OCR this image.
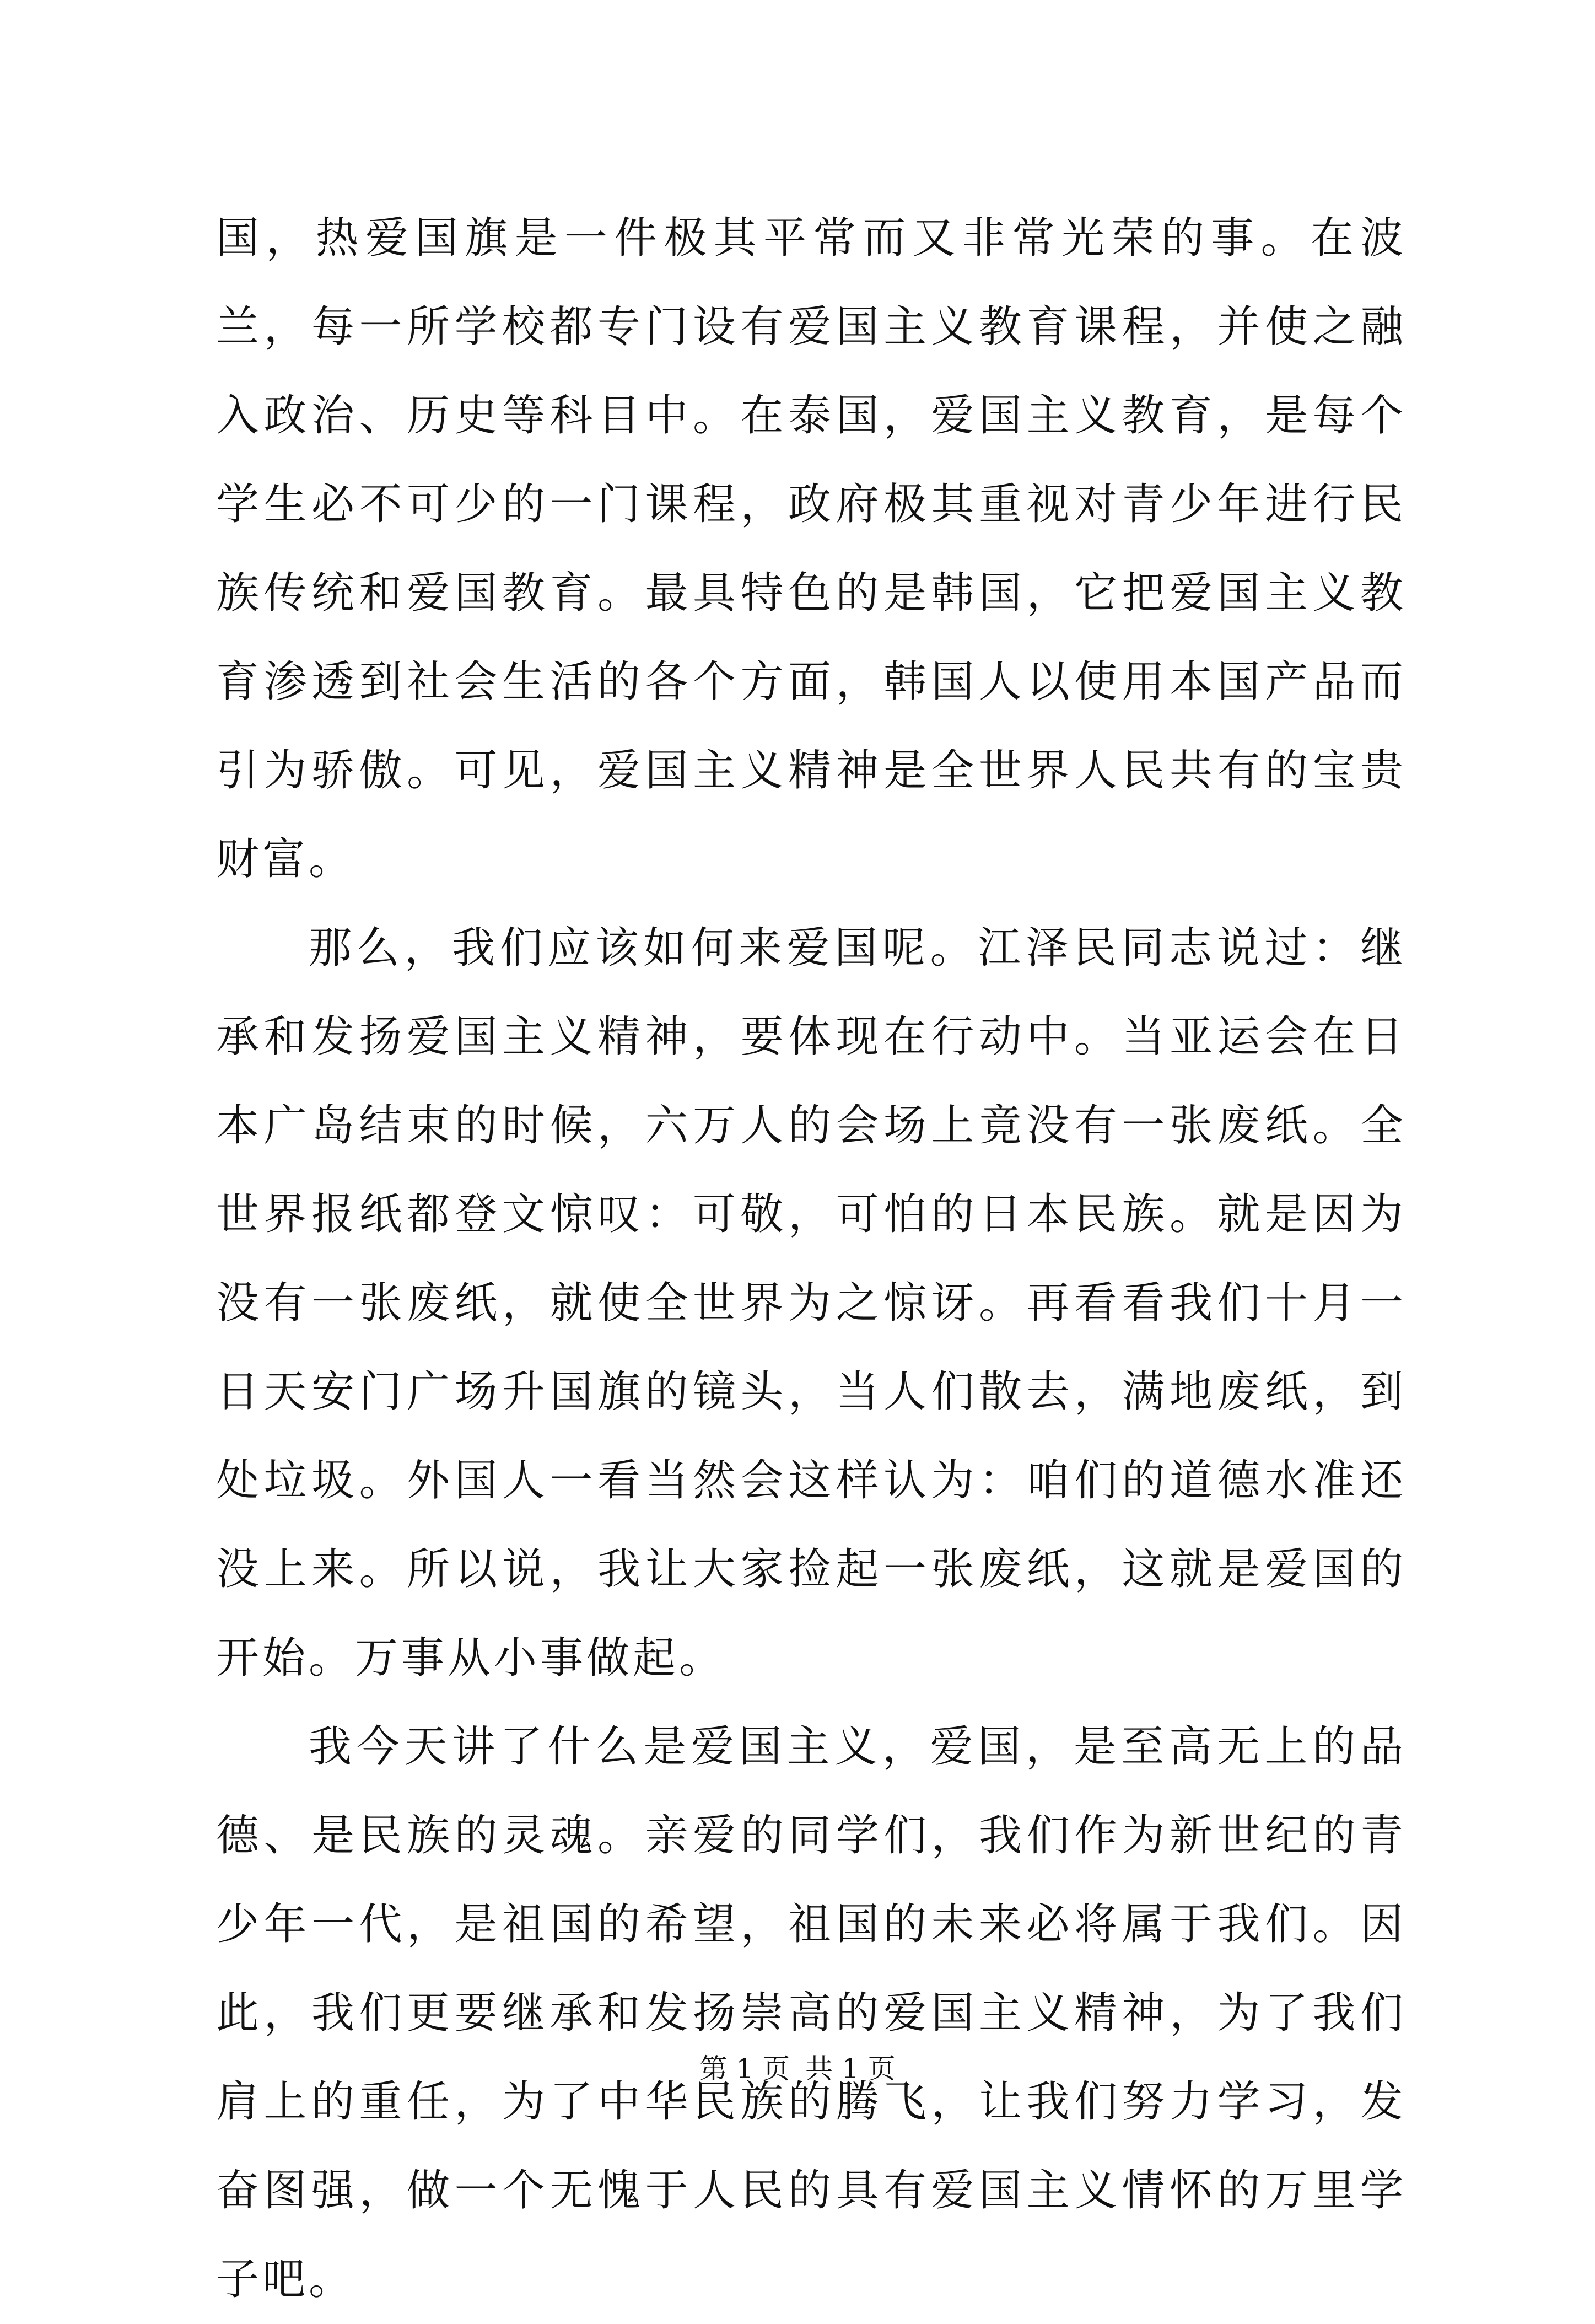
国，热爱国旗是一件极其平常而又非常光荣的事。在波兰，每一所学校都专门设有爱国主义教育课程，并使之融入政治、历史等科目中。在泰国，爱国主义教育，是每个学生必不可少的一门课程，政府极其重视对青少年进行民族传统和爱国教育。最具特色的是韩国，它把爱国主义教育渗透到社会生活的各个方面，韩国人以使用本国产品而引为骄傲。可见，爱国主义精神是全世界人民共有的宝贵财富。

那么，我们应该如何来爱国呢。江泽民同志说过：继承和发扬爱国主义精神，要体现在行动中。当亚运会在日本广岛结束的时候，六万人的会场上竟没有一张废纸。全世界报纸都登文惊叹：可敬，可怕的日本民族。就是因为没有一张废纸，就使全世界为之惊讶。再看看我们十月一日天安门广场升国旗的镜头，当人们散去，满地废纸，到处垃圾。外国人一看当然会这样认为：咱们的道德水准还没上来。所以说，我让大家捡起一张废纸，这就是爱国的开始。万事从小事做起。

我今天讲了什么是爱国主义，爱国，是至高无上的品德、是民族的灵魂。亲爱的同学们，我们作为新世纪的青少年一代，是祖国的希望，祖国的未来必将属于我们。因此，我们更要继承和发扬崇高的爱国主义精神，为了我们肩上的重任，为了中华民族的腾飞，让我们努力学习，发奋图强，做一个无愧于人民的具有爱国主义情怀的万里学子吧。

第 1 页 共 1 页
